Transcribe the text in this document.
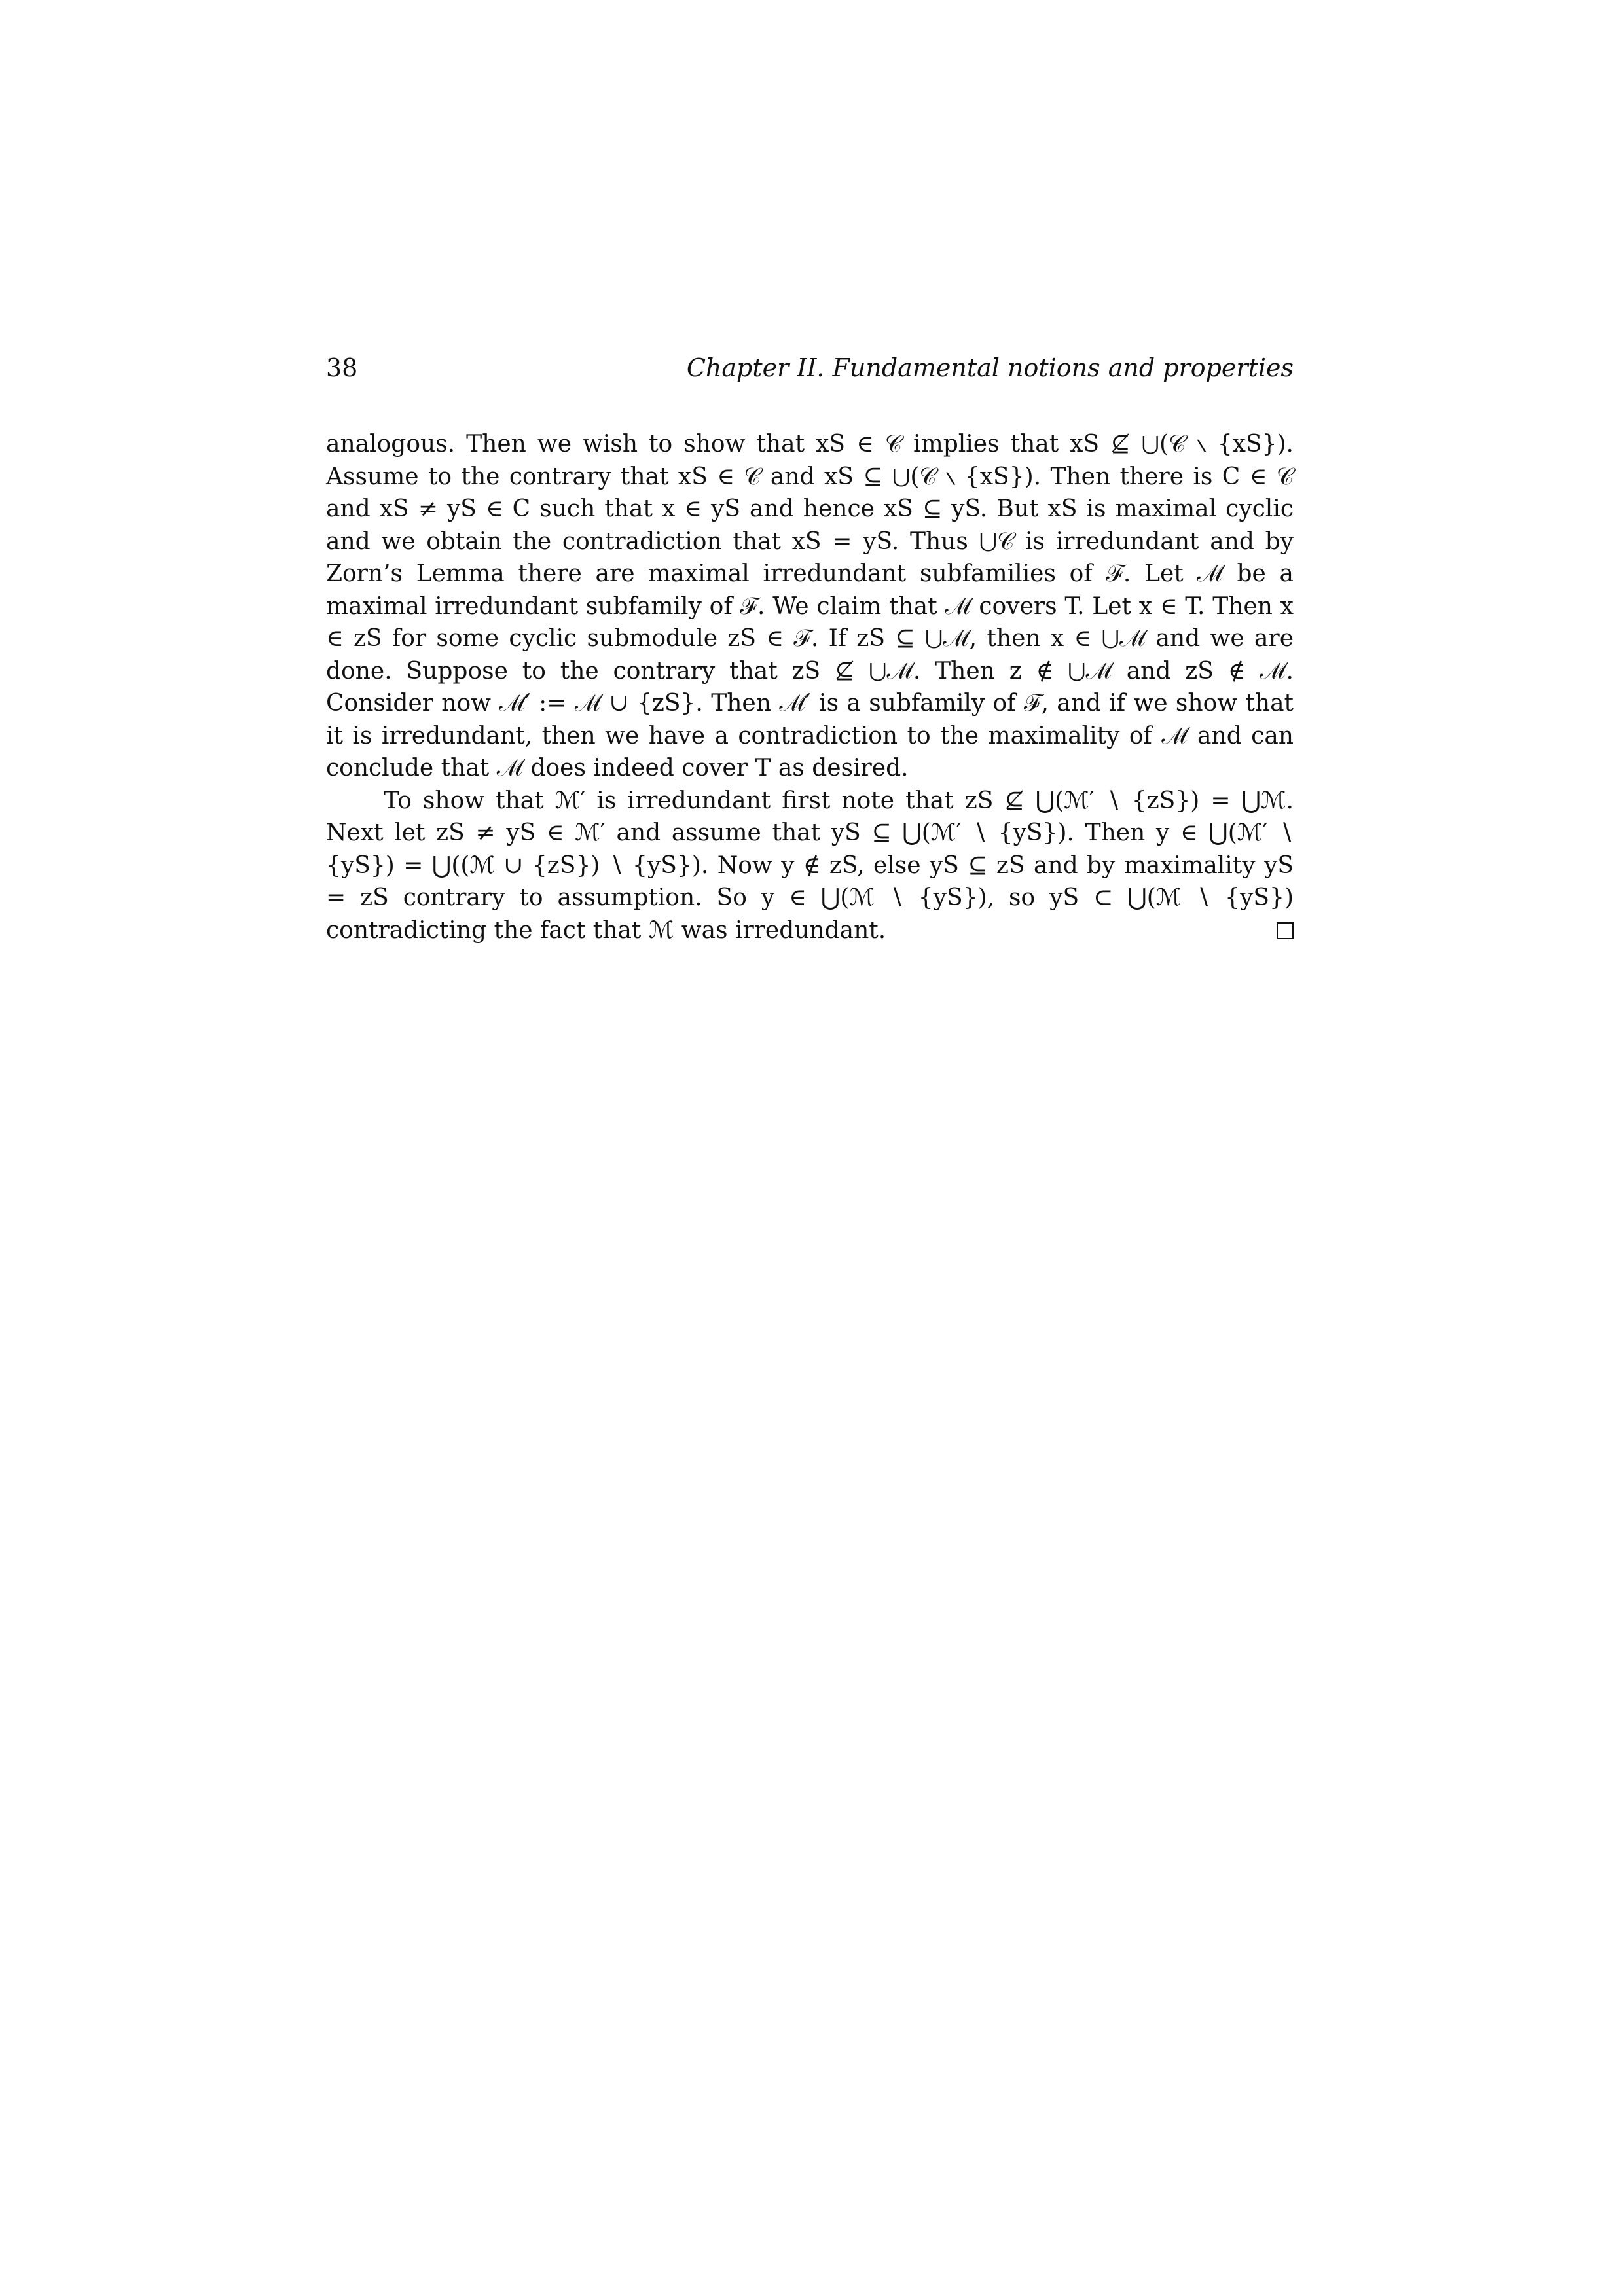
38	Chapter II. Fundamental notions and properties

analogous. Then we wish to show that xS ∈ 𝒞 implies that xS ⊈ ⋃(𝒞 ∖ {xS}). Assume to the contrary that xS ∈ 𝒞 and xS ⊆ ⋃(𝒞 ∖ {xS}). Then there is C ∈ 𝒞 and xS ≠ yS ∈ C such that x ∈ yS and hence xS ⊆ yS. But xS is maximal cyclic and we obtain the contradiction that xS = yS. Thus ⋃𝒞 is irredundant and by Zorn’s Lemma there are maximal irredundant subfamilies of ℱ. Let ℳ be a maximal irredundant subfamily of ℱ. We claim that ℳ covers T. Let x ∈ T. Then x ∈ zS for some cyclic submodule zS ∈ ℱ. If zS ⊆ ⋃ℳ, then x ∈ ⋃ℳ and we are done. Suppose to the contrary that zS ⊈ ⋃ℳ. Then z ∉ ⋃ℳ and zS ∉ ℳ. Consider now ℳ′ := ℳ ∪ {zS}. Then ℳ′ is a subfamily of ℱ, and if we show that it is irredundant, then we have a contradiction to the maximality of ℳ and can conclude that ℳ does indeed cover T as desired.

To show that ℳ′ is irredundant first note that zS ⊈ ⋃(ℳ′ ∖ {zS}) = ⋃ℳ. Next let zS ≠ yS ∈ ℳ′ and assume that yS ⊆ ⋃(ℳ′ ∖ {yS}). Then y ∈ ⋃(ℳ′ ∖ {yS}) = ⋃((ℳ ∪ {zS}) ∖ {yS}). Now y ∉ zS, else yS ⊆ zS and by maximality yS = zS contrary to assumption. So y ∈ ⋃(ℳ ∖ {yS}), so yS ⊂ ⋃(ℳ ∖ {yS}) contradicting the fact that ℳ was irredundant.
